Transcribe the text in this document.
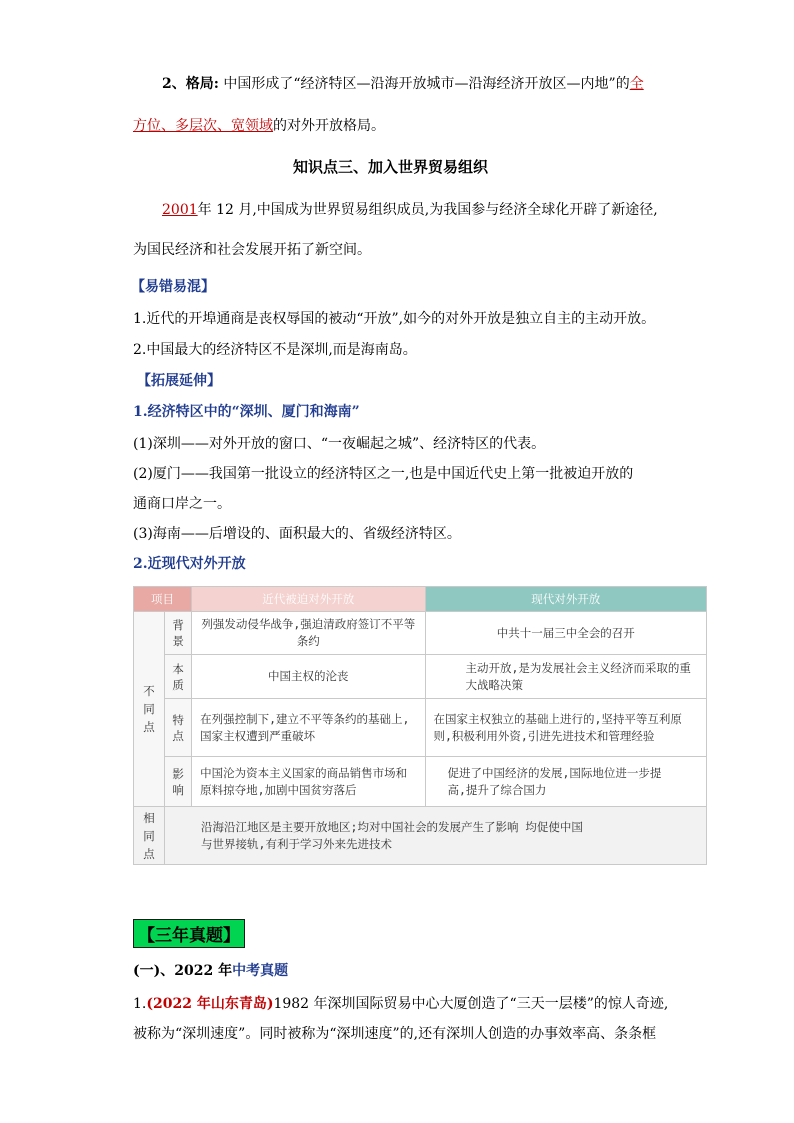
2、格局: 中国形成了“经济特区—沿海开放城市—沿海经济开放区—内地”的全
方位、多层次、宽领域的对外开放格局。
知识点三、加入世界贸易组织
2001年 12 月,中国成为世界贸易组织成员,为我国参与经济全球化开辟了新途径,
为国民经济和社会发展开拓了新空间。
【易错易混】
1.近代的开埠通商是丧权辱国的被动“开放”,如今的对外开放是独立自主的主动开放。
2.中国最大的经济特区不是深圳,而是海南岛。
【拓展延伸】
1.经济特区中的“深圳、厦门和海南”
(1)深圳——对外开放的窗口、“一夜崛起之城”、经济特区的代表。
(2)厦门——我国第一批设立的经济特区之一,也是中国近代史上第一批被迫开放的
通商口岸之一。
(3)海南——后增设的、面积最大的、省级经济特区。
2.近现代对外开放
项目		近代被迫对外开放	现代对外开放
不同点	背景	列强发动侵华战争,强迫清政府签订不平等条约	中共十一届三中全会的召开
	本质	中国主权的沦丧	主动开放,是为发展社会主义经济而采取的重大战略决策
	特点	在列强控制下,建立不平等条约的基础上,国家主权遭到严重破坏	在国家主权独立的基础上进行的,坚持平等互利原则,积极利用外资,引进先进技术和管理经验
	影响	中国沦为资本主义国家的商品销售市场和原料掠夺地,加剧中国贫穷落后	促进了中国经济的发展,国际地位进一步提高,提升了综合国力
相同点	沿海沿江地区是主要开放地区;均对中国社会的发展产生了影响 均促使中国与世界接轨,有利于学习外来先进技术		
【三年真题】
(一)、2022 年中考真题
1.(2022 年山东青岛)1982 年深圳国际贸易中心大厦创造了“三天一层楼”的惊人奇迹,
被称为“深圳速度”。同时被称为“深圳速度”的,还有深圳人创造的办事效率高、条条框
